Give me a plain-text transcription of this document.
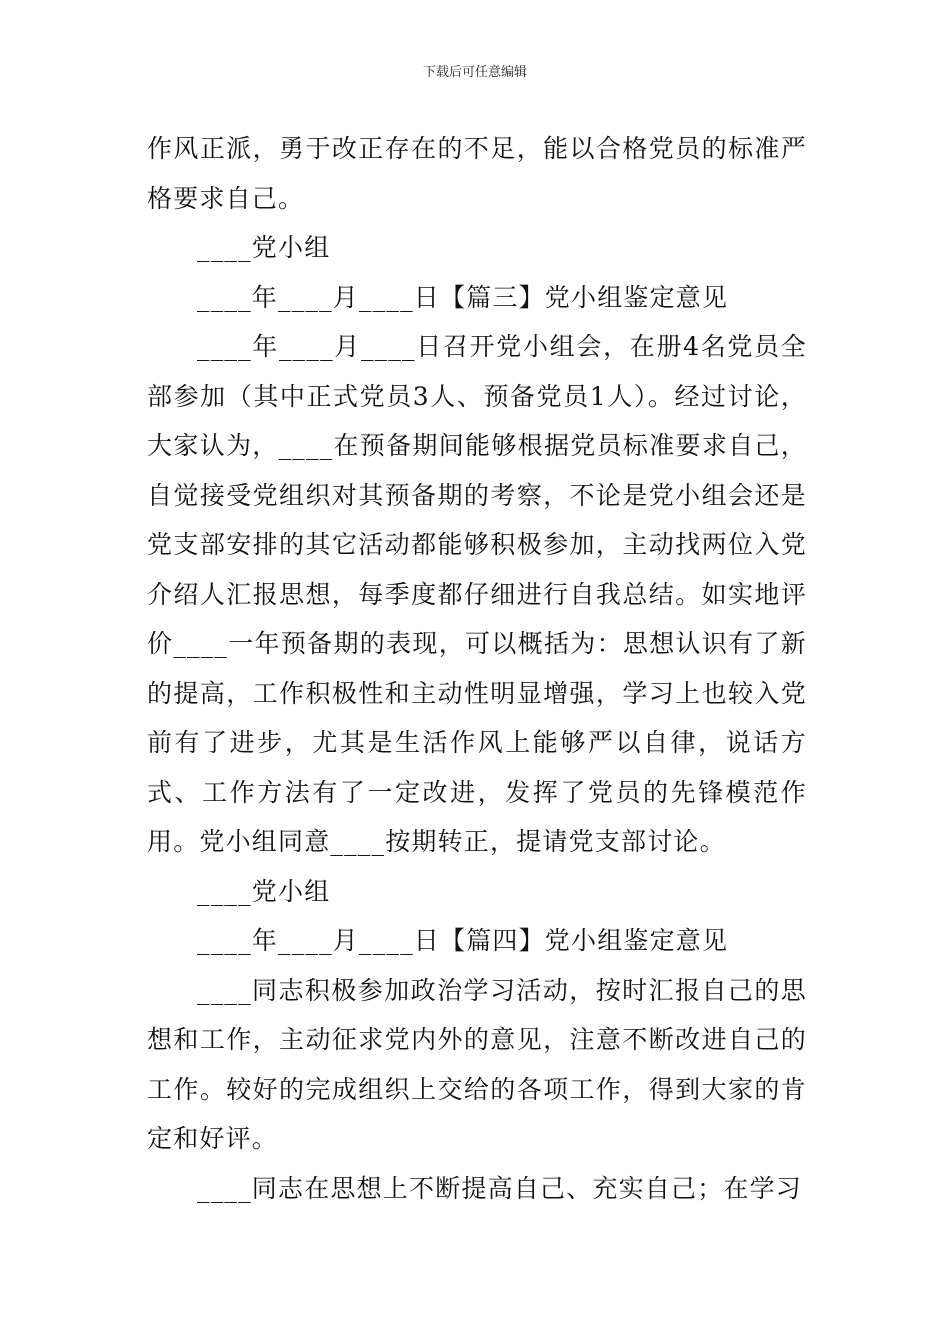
下载后可任意编辑

作风正派，勇于改正存在的不足，能以合格党员的标准严格要求自己。

____党小组

____年____月____日【篇三】党小组鉴定意见

____年____月____日召开党小组会，在册4名党员全部参加（其中正式党员3人、预备党员1人）。经过讨论，大家认为，____在预备期间能够根据党员标准要求自己，自觉接受党组织对其预备期的考察，不论是党小组会还是党支部安排的其它活动都能够积极参加，主动找两位入党介绍人汇报思想，每季度都仔细进行自我总结。如实地评价____一年预备期的表现，可以概括为：思想认识有了新的提高，工作积极性和主动性明显增强，学习上也较入党前有了进步，尤其是生活作风上能够严以自律，说话方式、工作方法有了一定改进，发挥了党员的先锋模范作用。党小组同意____按期转正，提请党支部讨论。

____党小组

____年____月____日【篇四】党小组鉴定意见

____同志积极参加政治学习活动，按时汇报自己的思想和工作，主动征求党内外的意见，注意不断改进自己的工作。较好的完成组织上交给的各项工作，得到大家的肯定和好评。

____同志在思想上不断提高自己、充实自己；在学习
